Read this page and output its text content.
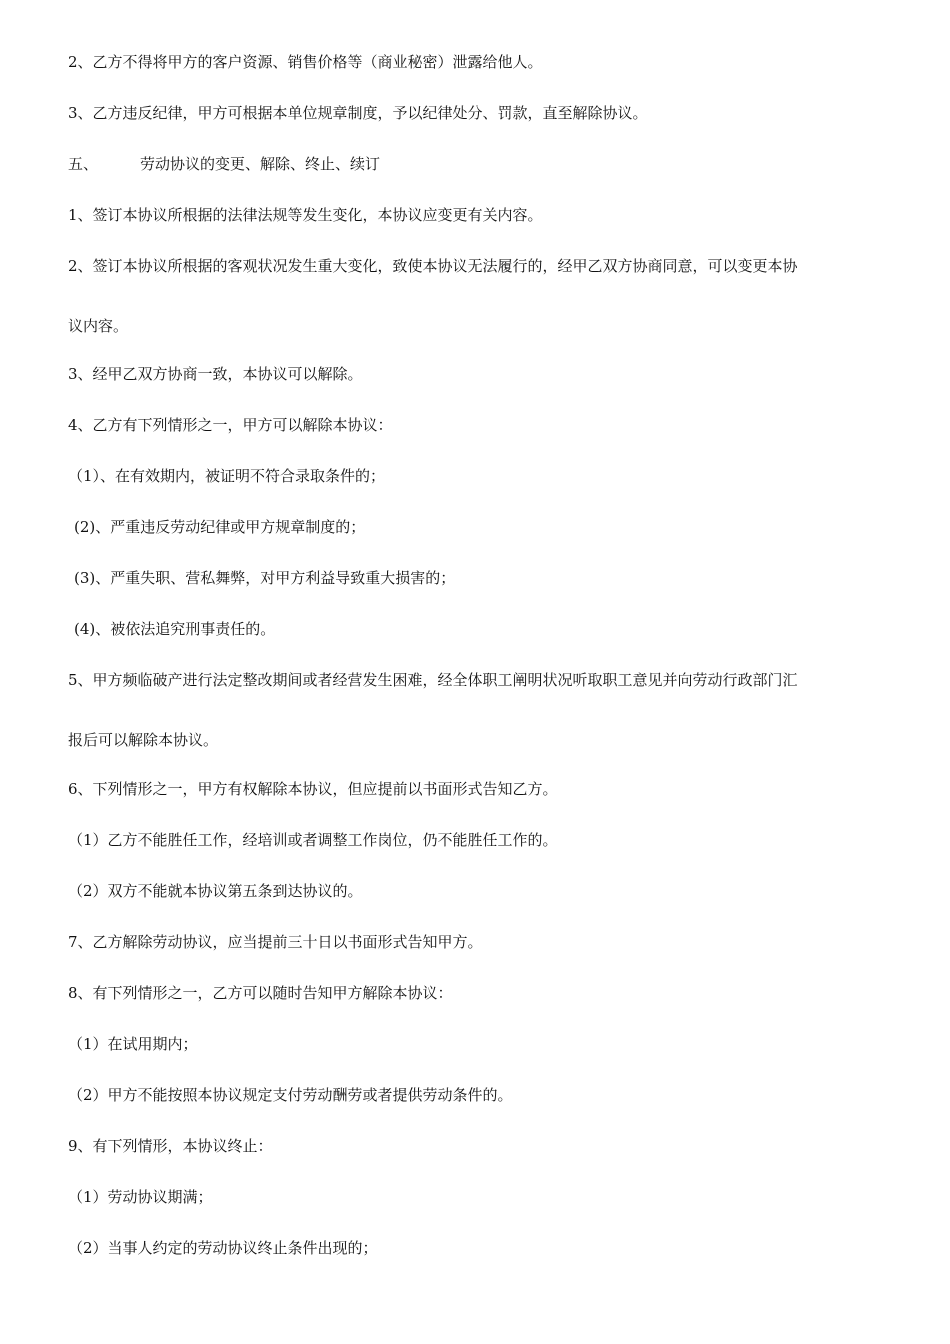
2、乙方不得将甲方的客户资源、销售价格等（商业秘密）泄露给他人。
3、乙方违反纪律，甲方可根据本单位规章制度，予以纪律处分、罚款，直至解除协议。
五、	劳动协议的变更、解除、终止、续订
1、签订本协议所根据的法律法规等发生变化，本协议应变更有关内容。
2、签订本协议所根据的客观状况发生重大变化，致使本协议无法履行的，经甲乙双方协商同意，可以变更本协
议内容。
3、经甲乙双方协商一致，本协议可以解除。
4、乙方有下列情形之一，甲方可以解除本协议：
（1）、在有效期内，被证明不符合录取条件的；
(2)、严重违反劳动纪律或甲方规章制度的；
(3)、严重失职、营私舞弊，对甲方利益导致重大损害的；
(4)、被依法追究刑事责任的。
5、甲方频临破产进行法定整改期间或者经营发生困难，经全体职工阐明状况听取职工意见并向劳动行政部门汇
报后可以解除本协议。
6、下列情形之一，甲方有权解除本协议，但应提前以书面形式告知乙方。
（1）乙方不能胜任工作，经培训或者调整工作岗位，仍不能胜任工作的。
（2）双方不能就本协议第五条到达协议的。
7、乙方解除劳动协议，应当提前三十日以书面形式告知甲方。
8、有下列情形之一，乙方可以随时告知甲方解除本协议：
（1）在试用期内；
（2）甲方不能按照本协议规定支付劳动酬劳或者提供劳动条件的。
9、有下列情形，本协议终止：
（1）劳动协议期满；
（2）当事人约定的劳动协议终止条件出现的；
